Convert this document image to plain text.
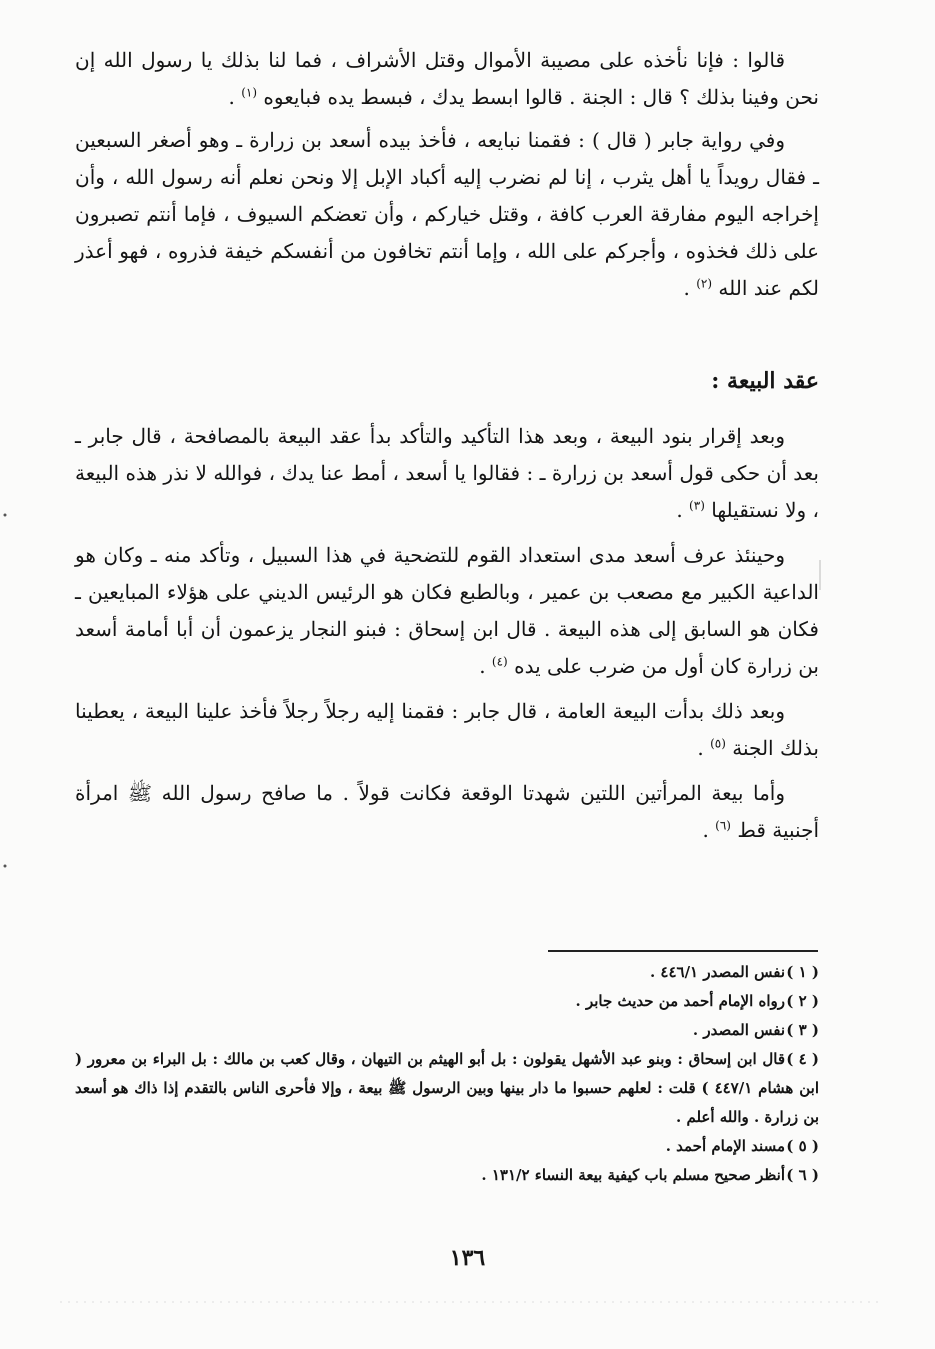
قالوا : فإنا نأخذه على مصيبة الأموال وقتل الأشراف ، فما لنا بذلك يا رسول الله إن نحن وفينا بذلك ؟ قال : الجنة . قالوا ابسط يدك ، فبسط يده فبايعوه $^{(١)}$ .

وفي رواية جابر ( قال ) : فقمنا نبايعه ، فأخذ بيده أسعد بن زرارة ـ وهو أصغر السبعين ـ فقال رويداً يا أهل يثرب ، إنا لم نضرب إليه أكباد الإبل إلا ونحن نعلم أنه رسول الله ، وأن إخراجه اليوم مفارقة العرب كافة ، وقتل خياركم ، وأن تعضكم السيوف ، فإما أنتم تصبرون على ذلك فخذوه ، وأجركم على الله ، وإما أنتم تخافون من أنفسكم خيفة فذروه ، فهو أعذر لكم عند الله $^{(٢)}$ .

عقد البيعة :

وبعد إقرار بنود البيعة ، وبعد هذا التأكيد والتأكد بدأ عقد البيعة بالمصافحة ، قال جابر ـ بعد أن حكى قول أسعد بن زرارة ـ : فقالوا يا أسعد ، أمط عنا يدك ، فوالله لا نذر هذه البيعة ، ولا نستقيلها $^{(٣)}$ .

وحينئذ عرف أسعد مدى استعداد القوم للتضحية في هذا السبيل ، وتأكد منه ـ وكان هو الداعية الكبير مع مصعب بن عمير ، وبالطبع فكان هو الرئيس الديني على هؤلاء المبايعين ـ فكان هو السابق إلى هذه البيعة . قال ابن إسحاق : فبنو النجار يزعمون أن أبا أمامة أسعد بن زرارة كان أول من ضرب على يده $^{(٤)}$ .

وبعد ذلك بدأت البيعة العامة ، قال جابر : فقمنا إليه رجلاً رجلاً فأخذ علينا البيعة ، يعطينا بذلك الجنة $^{(٥)}$ .

وأما بيعة المرأتين اللتين شهدتا الوقعة فكانت قولاً . ما صافح رسول الله ﷺ امرأة أجنبية قط $^{(٦)}$ .

( ١ )نفس المصدر ٤٤٦/١ .

( ٢ )رواه الإمام أحمد من حديث جابر .

( ٣ )نفس المصدر .

( ٤ )قال ابن إسحاق : وبنو عبد الأشهل يقولون : بل أبو الهيثم بن التيهان ، وقال كعب بن مالك : بل البراء بن معرور ( ابن هشام ٤٤٧/١ ) قلت : لعلهم حسبوا ما دار بينها وبين الرسول ﷺ بيعة ، وإلا فأحرى الناس بالتقدم إذا ذاك هو أسعد بن زرارة . والله أعلم .

( ٥ )مسند الإمام أحمد .

( ٦ )أنظر صحيح مسلم باب كيفية بيعة النساء ١٣١/٢ .

١٣٦
